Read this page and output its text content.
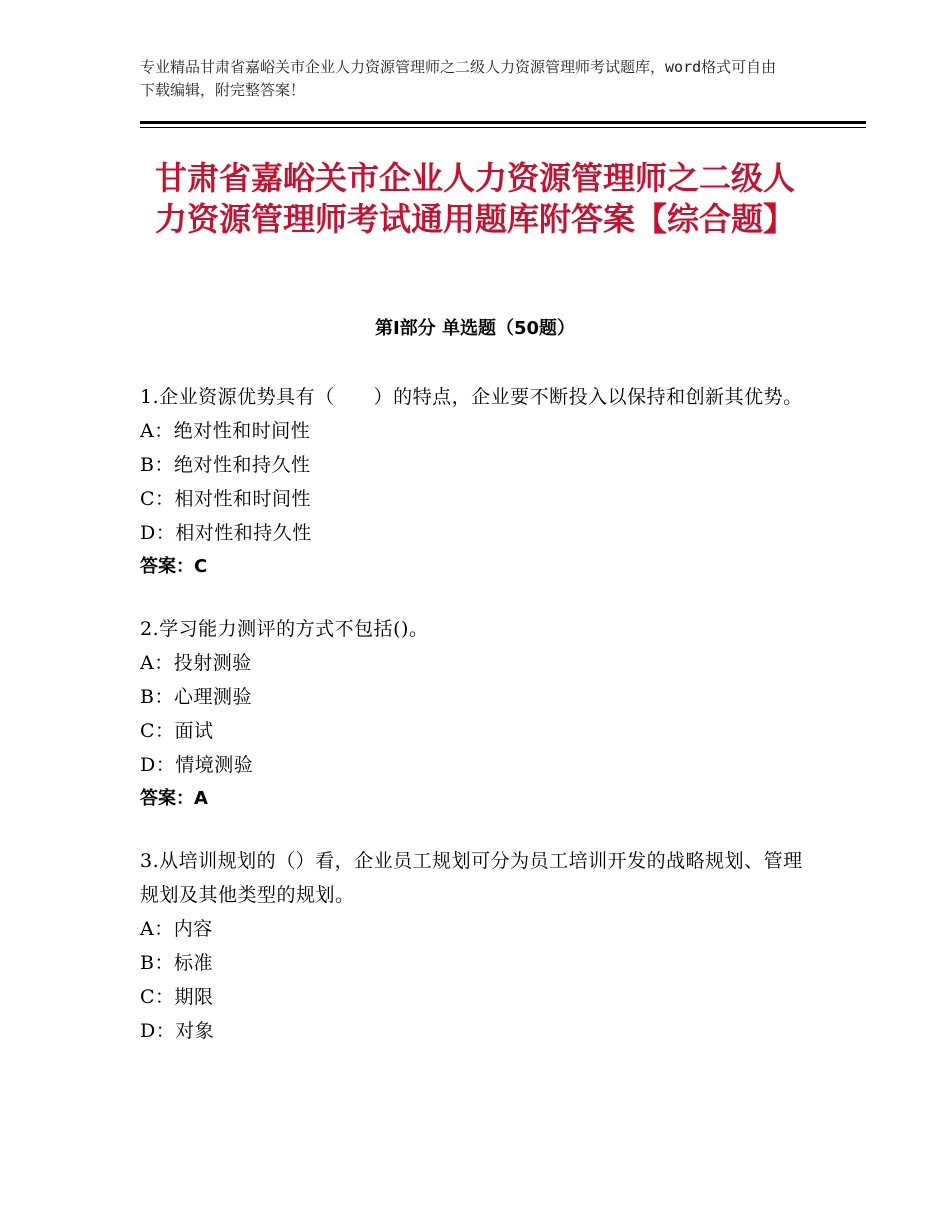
专业精品甘肃省嘉峪关市企业人力资源管理师之二级人力资源管理师考试题库，word格式可自由下载编辑，附完整答案！
甘肃省嘉峪关市企业人力资源管理师之二级人力资源管理师考试通用题库附答案【综合题】
第Ⅰ部分 单选题（50题）

1.企业资源优势具有（　　）的特点，企业要不断投入以保持和创新其优势。

A：绝对性和时间性

B：绝对性和持久性

C：相对性和时间性

D：相对性和持久性

答案：C

2.学习能力测评的方式不包括()。

A：投射测验

B：心理测验

C：面试

D：情境测验

答案：A

3.从培训规划的（）看，企业员工规划可分为员工培训开发的战略规划、管理规划及其他类型的规划。

A：内容

B：标准

C：期限

D：对象
